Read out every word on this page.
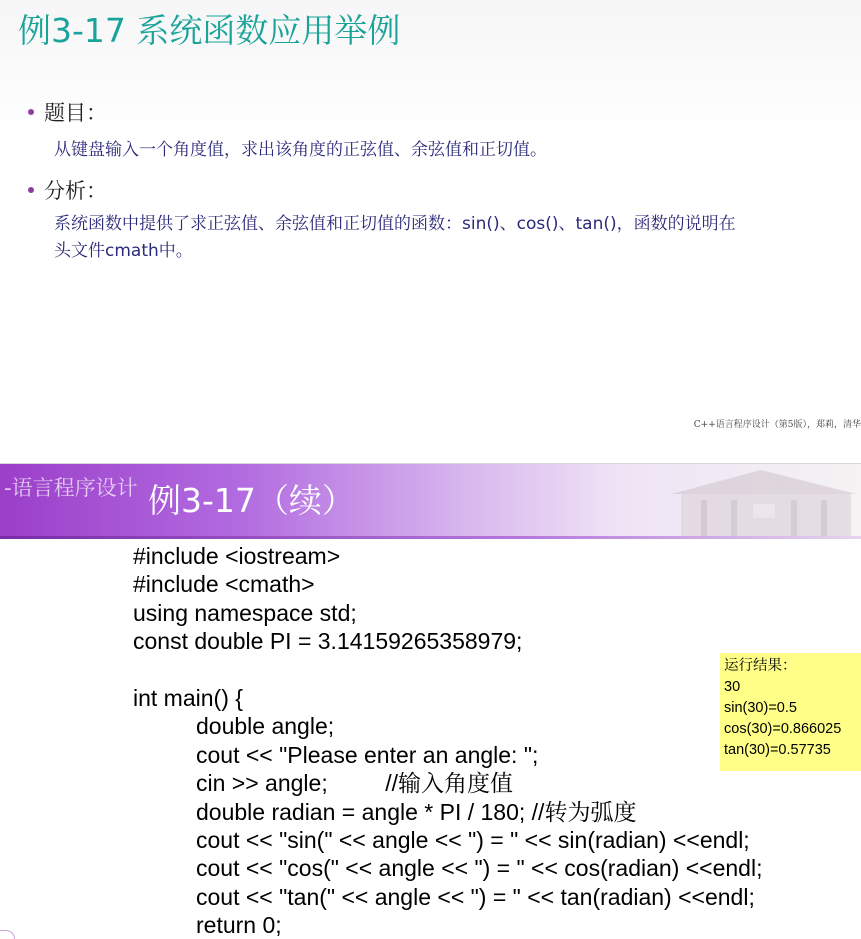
例3-17 系统函数应用举例
题目：
从键盘输入一个角度值，求出该角度的正弦值、余弦值和正切值。
分析：
系统函数中提供了求正弦值、余弦值和正切值的函数：sin()、cos()、tan()，函数的说明在
头文件cmath中。
C++语言程序设计（第5版），郑莉，清华
-语言程序设计 例3-17（续）
#include <iostream>
#include <cmath>
using namespace std;
const double PI = 3.14159265358979;
int main() {
double angle;
cout << "Please enter an angle: ";
cin >> angle;         //输入角度值
double radian = angle * PI / 180; //转为弧度
cout << "sin(" << angle << ") = " << sin(radian) <<endl;
cout << "cos(" << angle << ") = " << cos(radian) <<endl;
cout << "tan(" << angle << ") = " << tan(radian) <<endl;
return 0;
运行结果：
30
sin(30)=0.5
cos(30)=0.866025
tan(30)=0.57735
